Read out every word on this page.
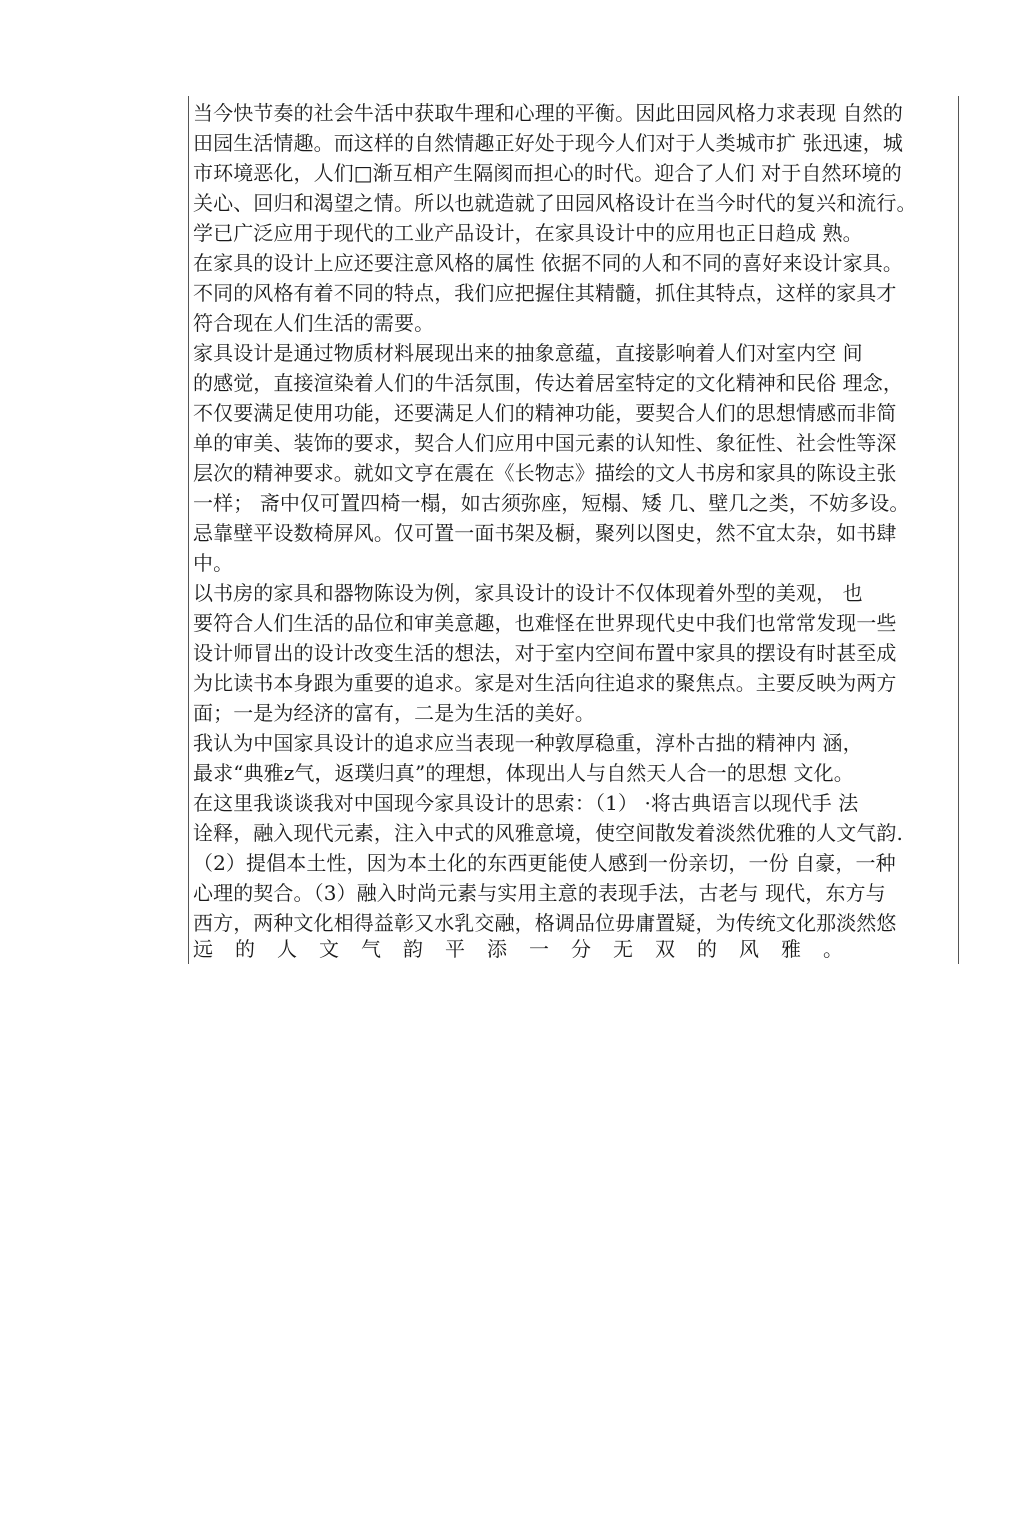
当今快节奏的社会牛活中获取牛理和心理的平衡。因此田园风格力求表现 自然的
田园生活情趣。而这样的自然情趣正好处于现今人们对于人类城市扩 张迅速，城
市环境恶化，人们□渐互相产生隔阂而担心的时代。迎合了人们 对于自然环境的
关心、回归和渴望之情。所以也就造就了田园风格设计在当今时代的复兴和流行。
学已广泛应用于现代的工业产品设计，在家具设计中的应用也正日趋成 熟。
在家具的设计上应还要注意风格的属性 依据不同的人和不同的喜好来设计家具。
不同的风格有着不同的特点，我们应把握住其精髓，抓住其特点，这样的家具才
符合现在人们生活的需要。
家具设计是通过物质材料展现出来的抽象意蕴，直接影响着人们对室内空 间
的感觉，直接渲染着人们的牛活氛围，传达着居室特定的文化精神和民俗 理念，
不仅要满足使用功能，还要满足人们的精神功能，要契合人们的思想情感而非简
单的审美、装饰的要求，契合人们应用中国元素的认知性、象征性、社会性等深
层次的精神要求。就如文亨在震在《长物志》描绘的文人书房和家具的陈设主张
一样； 斋中仅可置四椅一榻，如古须弥座，短榻、矮 几、壁几之类，不妨多设。
忌靠壁平设数椅屏风。仅可置一面书架及橱，聚列以图史，然不宜太杂，如书肆
中。
以书房的家具和器物陈设为例，家具设计的设计不仅体现着外型的美观， 也
要符合人们生活的品位和审美意趣，也难怪在世界现代史中我们也常常发现一些
设计师冒出的设计改变生活的想法，对于室内空间布置中家具的摆设有时甚至成
为比读书本身跟为重要的追求。家是对生活向往追求的聚焦点。主要反映为两方
面；一是为经济的富有，二是为生活的美好。
我认为中国家具设计的追求应当表现一种敦厚稳重，淳朴古拙的精神内 涵，
最求“典雅z气，返璞归真”的理想，体现出人与自然天人合一的思想 文化。
在这里我谈谈我对中国现今家具设计的思索：（1） ·将古典语言以现代手 法
诠释，融入现代元素，注入中式的风雅意境，使空间散发着淡然优雅的人文气韵.
（2）提倡本土性，因为本土化的东西更能使人感到一份亲切，一份 自豪，一种
心理的契合。（3）融入时尚元素与实用主意的表现手法，古老与 现代，东方与
西方，两种文化相得益彰又水乳交融，格调品位毋庸置疑，为传统文化那淡然悠
远的人文气韵平添一分无双的风雅。
